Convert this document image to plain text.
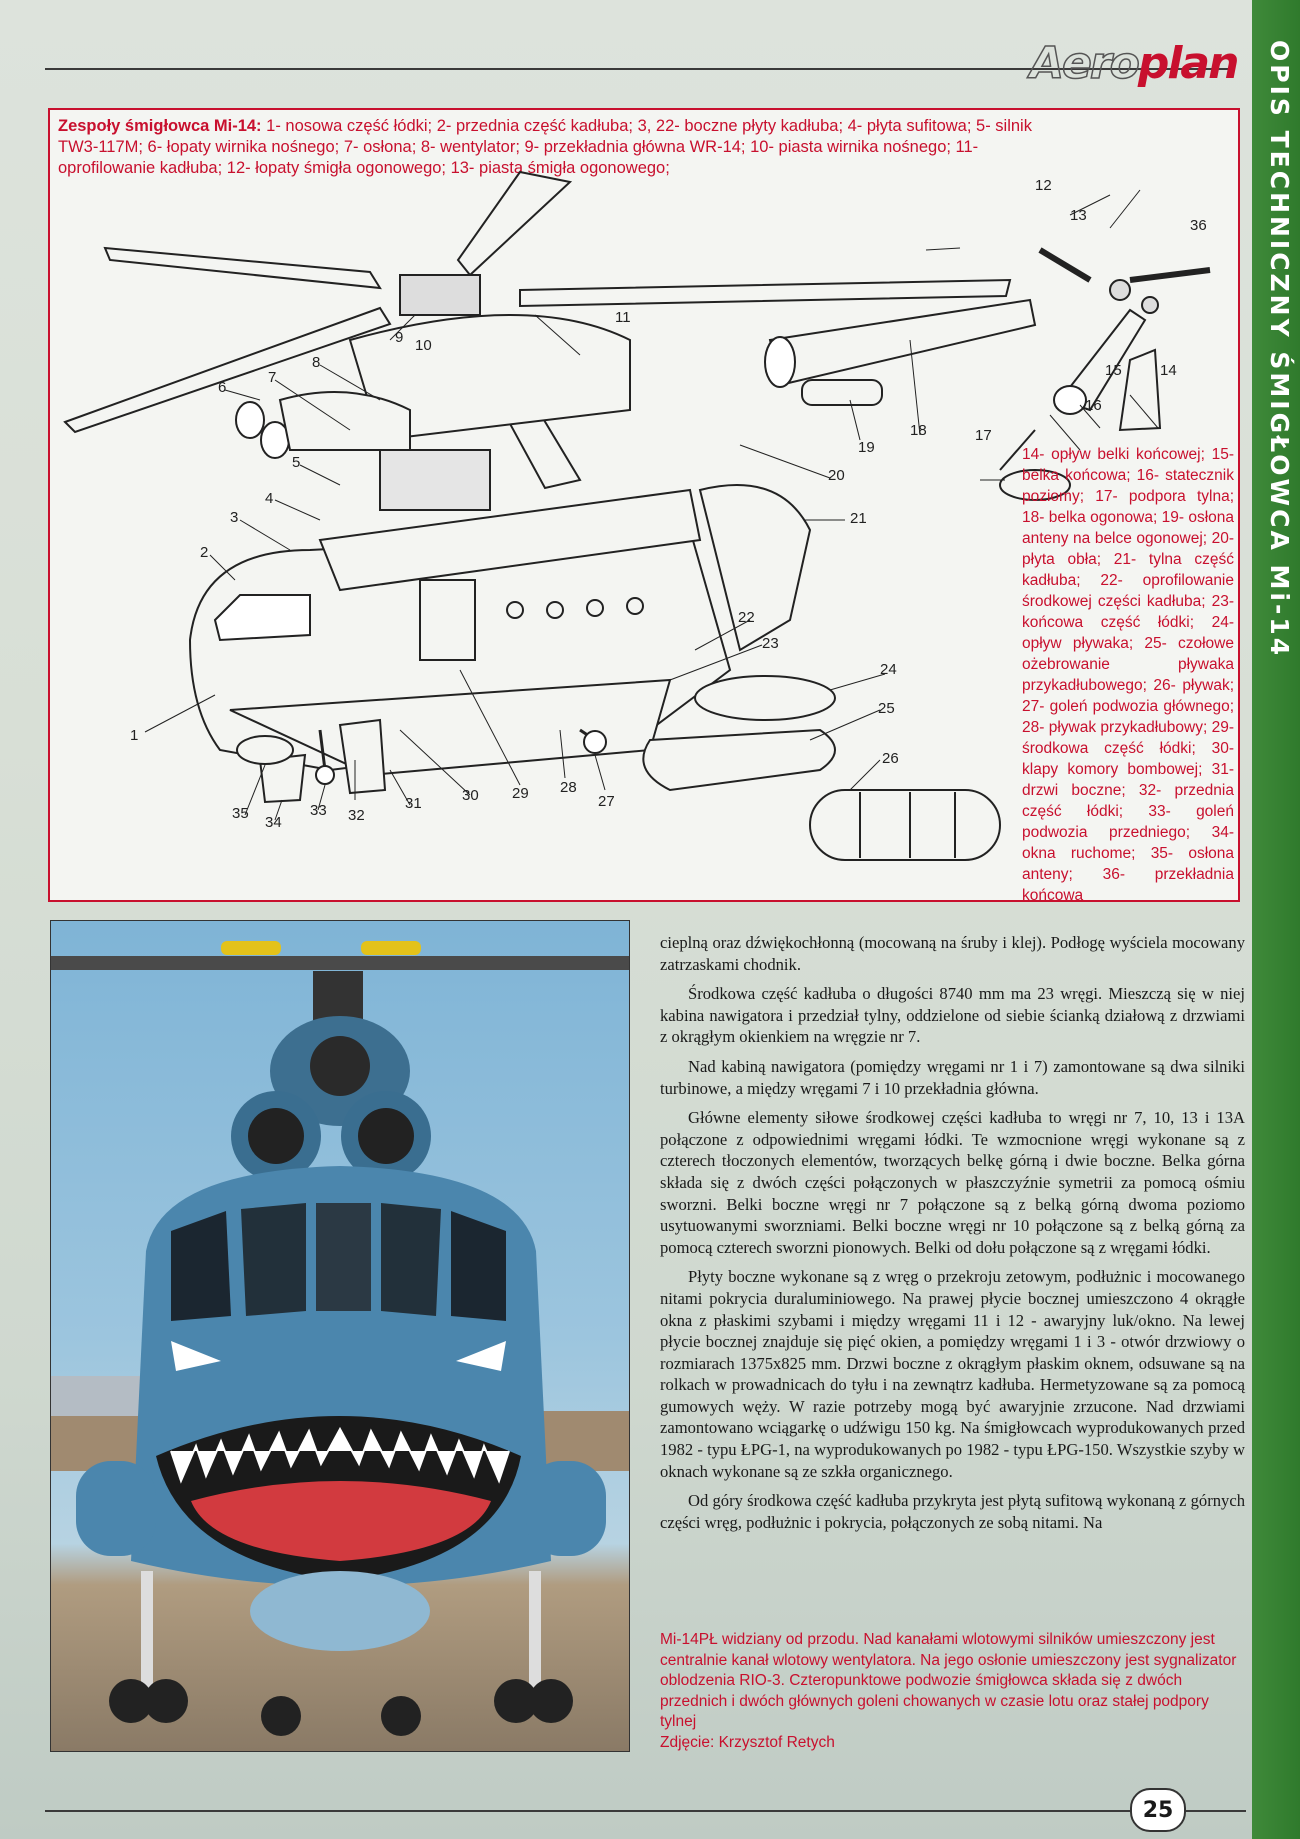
Aeroplan OPIS TECHNICZNY ŚMIGŁOWCA Mi-14
Zespoły śmigłowca Mi-14: 1- nosowa część łódki; 2- przednia część kadłuba; 3, 22- boczne płyty kadłuba; 4- płyta sufitowa; 5- silnik TW3-117M; 6- łopaty wirnika nośnego; 7- osłona; 8- wentylator; 9- przekładnia główna WR-14; 10- piasta wirnika nośnego; 11- oprofilowanie kadłuba; 12- łopaty śmigła ogonowego; 13- piasta śmigła ogonowego;
1
2
3
4
5
6
7
8
9 10
11
12
13
14
15
16
17
18
19
20
21
22
23
24
25
26
27
28
29
30
31
32
33
34
35
36
14- opływ belki końcowej; 15- belka końcowa; 16- statecznik poziomy; 17- podpora tylna; 18- belka ogonowa; 19- osłona anteny na belce ogonowej; 20- płyta obła; 21- tylna część kadłuba; 22- oprofilowanie środkowej części kadłuba; 23- końcowa część łódki; 24- opływ pływaka; 25- czołowe ożebrowanie pływaka przykadłubowego; 26- pływak; 27- goleń podwozia głównego; 28- pływak przykadłubowy; 29- środkowa część łódki; 30- klapy komory bombowej; 31- drzwi boczne; 32- przednia część łódki; 33- goleń podwozia przedniego; 34- okna ruchome; 35- osłona anteny; 36- przekładnia końcowa

cieplną oraz dźwiękochłonną (mocowaną na śruby i klej). Podłogę wyściela mocowany zatrzaskami chodnik.

Środkowa część kadłuba o długości 8740 mm ma 23 wręgi. Mieszczą się w niej kabina nawigatora i przedział tylny, oddzielone od siebie ścianką działową z drzwiami z okrągłym okienkiem na wręgzie nr 7.

Nad kabiną nawigatora (pomiędzy wręgami nr 1 i 7) zamontowane są dwa silniki turbinowe, a między wręgami 7 i 10 przekładnia główna.

Główne elementy siłowe środkowej części kadłuba to wręgi nr 7, 10, 13 i 13A połączone z odpowiednimi wręgami łódki. Te wzmocnione wręgi wykonane są z czterech tłoczonych elementów, tworzących belkę górną i dwie boczne. Belka górna składa się z dwóch części połączonych w płaszczyźnie symetrii za pomocą ośmiu sworzni. Belki boczne wręgi nr 7 połączone są z belką górną dwoma poziomo usytuowanymi sworzniami. Belki boczne wręgi nr 10 połączone są z belką górną za pomocą czterech sworzni pionowych. Belki od dołu połączone są z wręgami łódki.

Płyty boczne wykonane są z wręg o przekroju zetowym, podłużnic i mocowanego nitami pokrycia duraluminiowego. Na prawej płycie bocznej umieszczono 4 okrągłe okna z płaskimi szybami i między wręgami 11 i 12 - awaryjny luk/okno. Na lewej płycie bocznej znajduje się pięć okien, a pomiędzy wręgami 1 i 3 - otwór drzwiowy o rozmiarach 1375x825 mm. Drzwi boczne z okrągłym płaskim oknem, odsuwane są na rolkach w prowadnicach do tyłu i na zewnątrz kadłuba. Hermetyzowane są za pomocą gumowych węży. W razie potrzeby mogą być awaryjnie zrzucone. Nad drzwiami zamontowano wciągarkę o udźwigu 150 kg. Na śmigłowcach wyprodukowanych przed 1982 - typu ŁPG-1, na wyprodukowanych po 1982 - typu ŁPG-150. Wszystkie szyby w oknach wykonane są ze szkła organicznego.

Od góry środkowa część kadłuba przykryta jest płytą sufitową wykonaną z górnych części wręg, podłużnic i pokrycia, połączonych ze sobą nitami. Na

Mi-14PŁ widziany od przodu. Nad kanałami wlotowymi silników umieszczony jest centralnie kanał wlotowy wentylatora. Na jego osłonie umieszczony jest sygnalizator oblodzenia RIO-3. Czteropunktowe podwozie śmigłowca składa się z dwóch przednich i dwóch głównych goleni chowanych w czasie lotu oraz stałej podpory tylnej
Zdjęcie: Krzysztof Retych
25
